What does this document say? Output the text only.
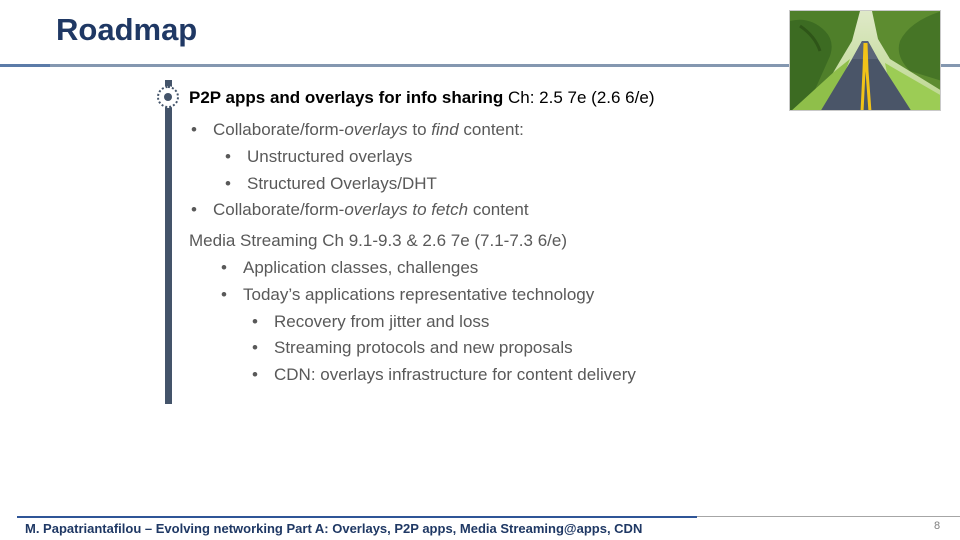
Roadmap
P2P apps and overlays for info sharing Ch: 2.5 7e (2.6 6/e)
• Collaborate/form-overlays to find content:
• Unstructured overlays
• Structured Overlays/DHT
• Collaborate/form-overlays to fetch content
Media Streaming Ch 9.1-9.3 & 2.6 7e (7.1-7.3 6/e)
• Application classes, challenges
• Today’s applications representative technology
• Recovery from jitter and loss
• Streaming protocols and new proposals
• CDN: overlays infrastructure for content delivery
M. Papatriantafilou – Evolving networking Part A: Overlays, P2P apps, Media Streaming@apps, CDN	8
